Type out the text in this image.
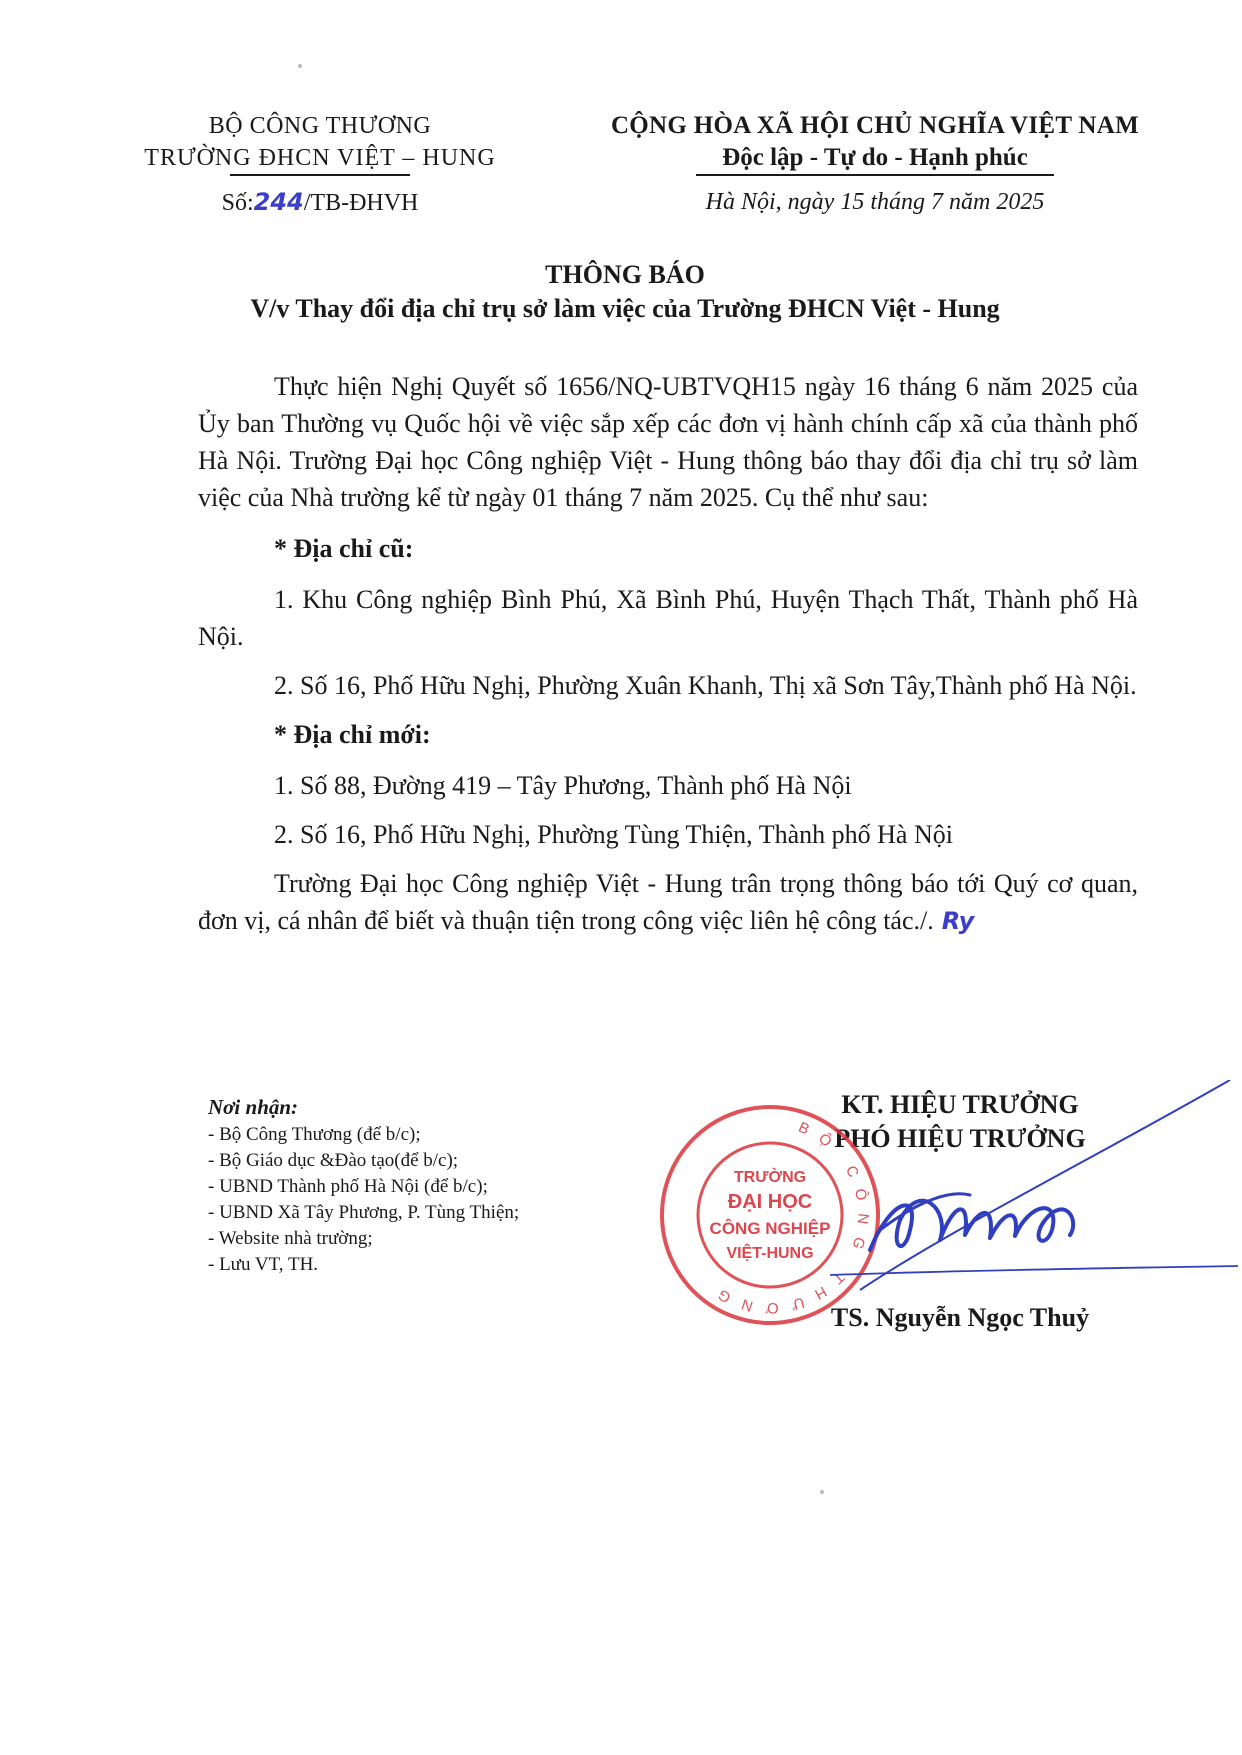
BỘ CÔNG THƯƠNG
TRƯỜNG ĐHCN VIỆT – HUNG
Số:244/TB-ĐHVH
CỘNG HÒA XÃ HỘI CHỦ NGHĨA VIỆT NAM
Độc lập - Tự do - Hạnh phúc
Hà Nội, ngày 15 tháng 7 năm 2025
THÔNG BÁO
V/v Thay đổi địa chỉ trụ sở làm việc của Trường ĐHCN Việt - Hung

Thực hiện Nghị Quyết số 1656/NQ-UBTVQH15 ngày 16 tháng 6 năm 2025 của Ủy ban Thường vụ Quốc hội về việc sắp xếp các đơn vị hành chính cấp xã của thành phố Hà Nội. Trường Đại học Công nghiệp Việt - Hung thông báo thay đổi địa chỉ trụ sở làm việc của Nhà trường kể từ ngày 01 tháng 7 năm 2025. Cụ thể như sau:

* Địa chỉ cũ:

1. Khu Công nghiệp Bình Phú, Xã Bình Phú, Huyện Thạch Thất, Thành phố Hà Nội.

2. Số 16, Phố Hữu Nghị, Phường Xuân Khanh, Thị xã Sơn Tây,Thành phố Hà Nội.

* Địa chỉ mới:

1. Số 88, Đường 419 – Tây Phương, Thành phố Hà Nội

2. Số 16, Phố Hữu Nghị, Phường Tùng Thiện, Thành phố Hà Nội

Trường Đại học Công nghiệp Việt - Hung trân trọng thông báo tới Quý cơ quan, đơn vị, cá nhân để biết và thuận tiện trong công việc liên hệ công tác./. Ry

Nơi nhận:
- Bộ Công Thương (để b/c);
- Bộ Giáo dục &Đào tạo(để b/c);
- UBND Thành phố Hà Nội (để b/c);
- UBND Xã Tây Phương, P. Tùng Thiện;
- Website nhà trường;
- Lưu VT, TH.
KT. HIỆU TRƯỞNG
PHÓ HIỆU TRƯỞNG
BỘ CÔNG THƯƠNG
TRƯỜNG
ĐẠI HỌC
CÔNG NGHIỆP
VIỆT-HUNG
TS. Nguyễn Ngọc Thuỷ
